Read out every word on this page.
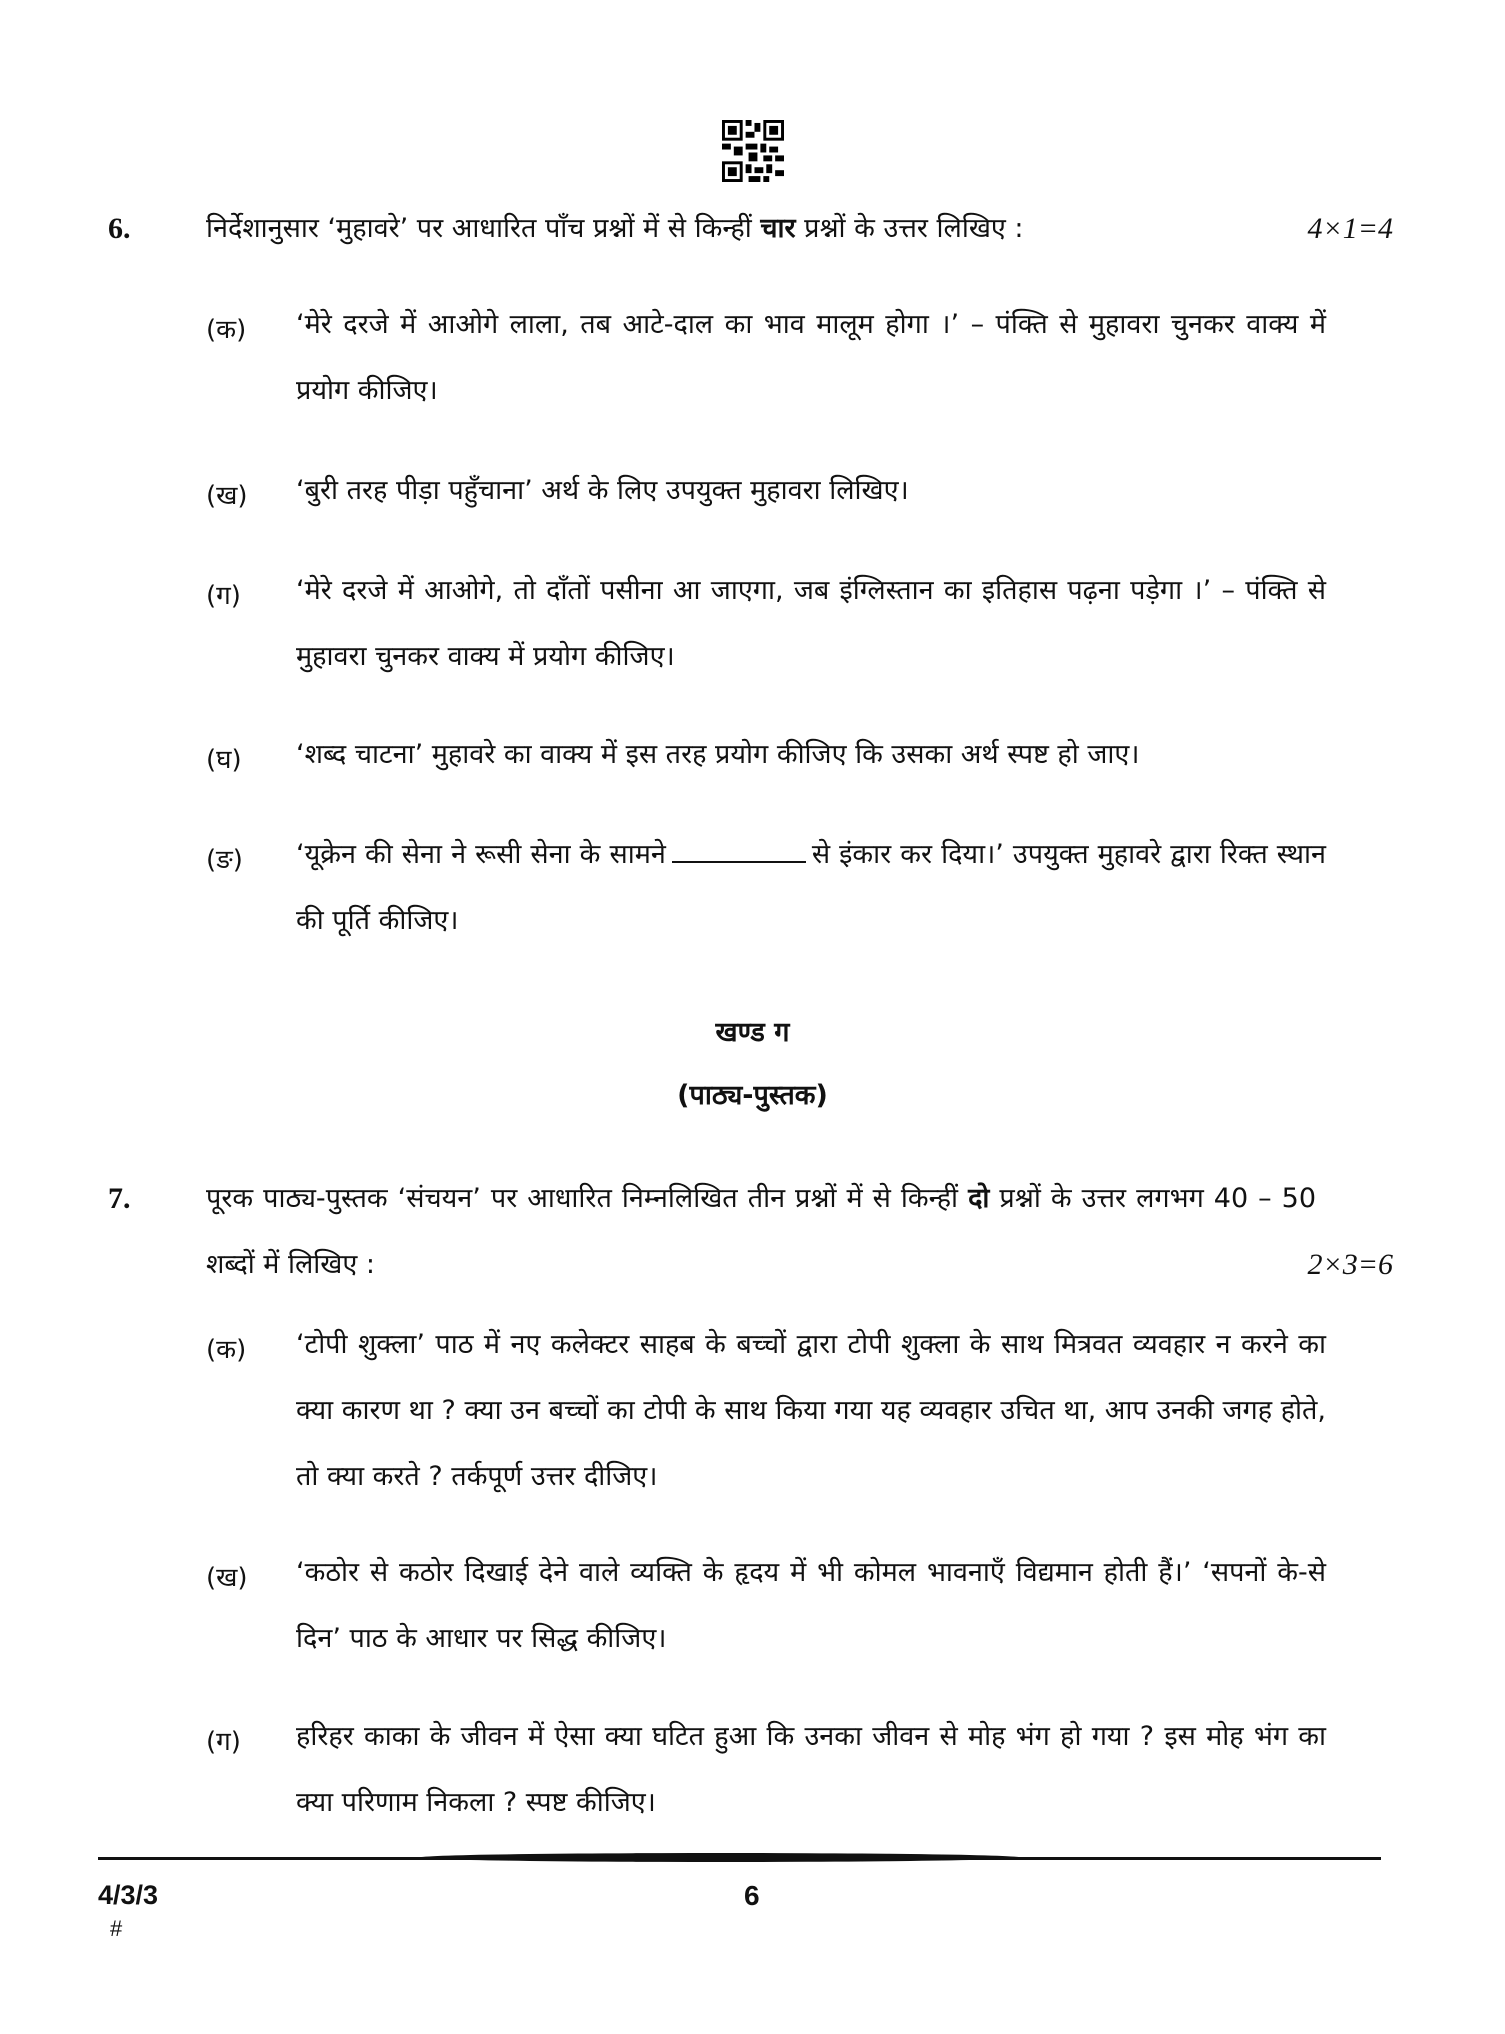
6.	निर्देशानुसार ‘मुहावरे’ पर आधारित पाँच प्रश्नों में से किन्हीं चार प्रश्नों के उत्तर लिखिए :	4×1=4
(क) ‘मेरे दरजे में आओगे लाला, तब आटे-दाल का भाव मालूम होगा ।’ – पंक्ति से मुहावरा चुनकर वाक्य में प्रयोग कीजिए।
(ख) ‘बुरी तरह पीड़ा पहुँचाना’ अर्थ के लिए उपयुक्त मुहावरा लिखिए।
(ग) ‘मेरे दरजे में आओगे, तो दाँतों पसीना आ जाएगा, जब इंग्लिस्तान का इतिहास पढ़ना पड़ेगा ।’ – पंक्ति से मुहावरा चुनकर वाक्य में प्रयोग कीजिए।
(घ) ‘शब्द चाटना’ मुहावरे का वाक्य में इस तरह प्रयोग कीजिए कि उसका अर्थ स्पष्ट हो जाए।
(ङ) ‘यूक्रेन की सेना ने रूसी सेना के सामने	से इंकार कर दिया।’ उपयुक्त मुहावरे द्वारा रिक्त स्थान की पूर्ति कीजिए।
खण्ड ग
(पाठ्य-पुस्तक)
7.	पूरक पाठ्य-पुस्तक ‘संचयन’ पर आधारित निम्नलिखित तीन प्रश्नों में से किन्हीं दो प्रश्नों के उत्तर लगभग 40 – 50 शब्दों में लिखिए :	2×3=6
(क) ‘टोपी शुक्ला’ पाठ में नए कलेक्टर साहब के बच्चों द्वारा टोपी शुक्ला के साथ मित्रवत व्यवहार न करने का क्या कारण था ? क्या उन बच्चों का टोपी के साथ किया गया यह व्यवहार उचित था, आप उनकी जगह होते, तो क्या करते ? तर्कपूर्ण उत्तर दीजिए।
(ख) ‘कठोर से कठोर दिखाई देने वाले व्यक्ति के हृदय में भी कोमल भावनाएँ विद्यमान होती हैं।’ ‘सपनों के-से दिन’ पाठ के आधार पर सिद्ध कीजिए।
(ग) हरिहर काका के जीवन में ऐसा क्या घटित हुआ कि उनका जीवन से मोह भंग हो गया ? इस मोह भंग का क्या परिणाम निकला ? स्पष्ट कीजिए।
4/3/3
#
6
